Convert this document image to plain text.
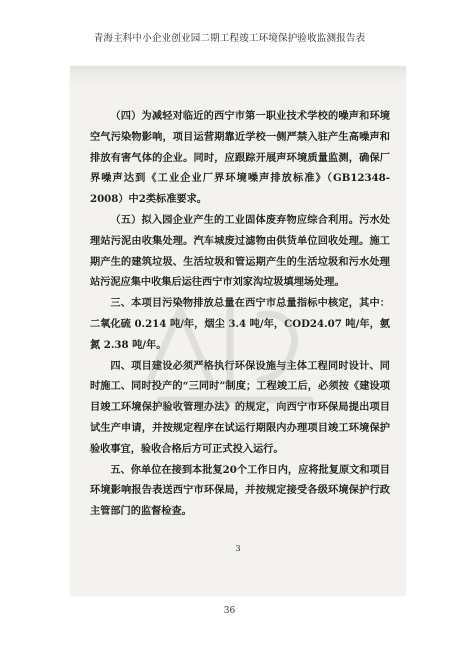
青海主科中小企业创业园二期工程竣工环境保护验收监测报告表

（四）为减轻对临近的西宁市第一职业技术学校的噪声和环境空气污染物影响，项目运营期靠近学校一侧严禁入驻产生高噪声和排放有害气体的企业。同时，应跟踪开展声环境质量监测，确保厂界噪声达到《工业企业厂界环境噪声排放标准》（GB12348-2008）中2类标准要求。

（五）拟入园企业产生的工业固体废弃物应综合利用。污水处理站污泥由收集处理。汽车城废过滤物由供货单位回收处理。施工期产生的建筑垃圾、生活垃圾和管运期产生的生活垃圾和污水处理站污泥应集中收集后运往西宁市刘家沟垃圾填埋场处理。

三、本项目污染物排放总量在西宁市总量指标中核定，其中：二氧化硫 0.214 吨/年，烟尘 3.4 吨/年，COD24.07 吨/年，氨氮 2.38 吨/年。

四、项目建设必须严格执行环保设施与主体工程同时设计、同时施工、同时投产的“三同时”制度；工程竣工后，必须按《建设项目竣工环境保护验收管理办法》的规定，向西宁市环保局提出项目试生产申请，并按规定程序在试运行期限内办理项目竣工环境保护验收事宜，验收合格后方可正式投入运行。

五、你单位在接到本批复20个工作日内，应将批复原文和项目环境影响报告表送西宁市环保局，并按规定接受各级环境保护行政主管部门的监督检查。

3
36
